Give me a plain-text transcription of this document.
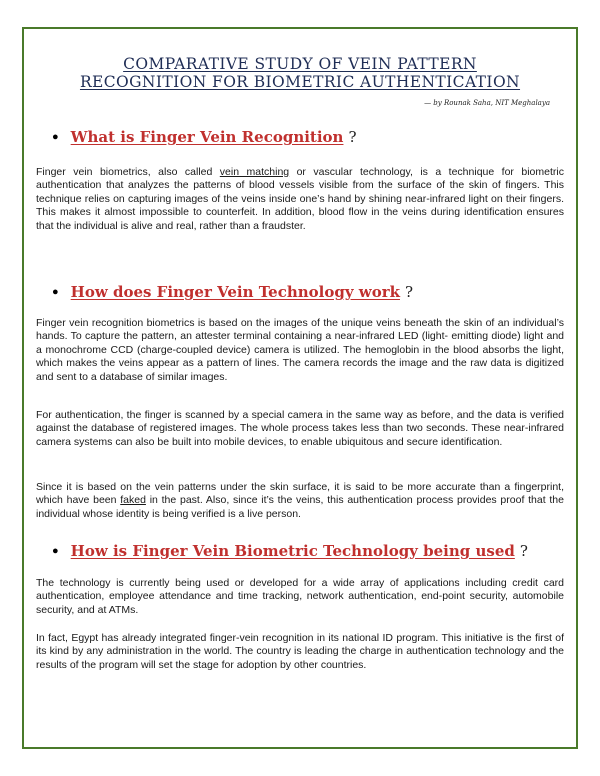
COMPARATIVE STUDY OF VEIN PATTERN
RECOGNITION FOR BIOMETRIC AUTHENTICATION
— by Rounak Saha, NIT Meghalaya
● What is Finger Vein Recognition ?

Finger vein biometrics, also called vein matching or vascular technology, is a technique for biometric authentication that analyzes the patterns of blood vessels visible from the surface of the skin of fingers. This technique relies on capturing images of the veins inside one’s hand by shining near-infrared light on their fingers. This makes it almost impossible to counterfeit. In addition, blood flow in the veins during identification ensures that the individual is alive and real, rather than a fraudster.

● How does Finger Vein Technology work ?

Finger vein recognition biometrics is based on the images of the unique veins beneath the skin of an individual’s hands. To capture the pattern, an attester terminal containing a near-infrared LED (light- emitting diode) light and a monochrome CCD (charge-coupled device) camera is utilized. The hemoglobin in the blood absorbs the light, which makes the veins appear as a pattern of lines. The camera records the image and the raw data is digitized and sent to a database of similar images.

For authentication, the finger is scanned by a special camera in the same way as before, and the data is verified against the database of registered images. The whole process takes less than two seconds. These near-infrared camera systems can also be built into mobile devices, to enable ubiquitous and secure identification.

Since it is based on the vein patterns under the skin surface, it is said to be more accurate than a fingerprint, which have been faked in the past. Also, since it’s the veins, this authentication process provides proof that the individual whose identity is being verified is a live person.

● How is Finger Vein Biometric Technology being used ?

The technology is currently being used or developed for a wide array of applications including credit card authentication, employee attendance and time tracking, network authentication, end-point security, automobile security, and at ATMs.

In fact, Egypt has already integrated finger-vein recognition in its national ID program. This initiative is the first of its kind by any administration in the world. The country is leading the charge in authentication technology and the results of the program will set the stage for adoption by other countries.
